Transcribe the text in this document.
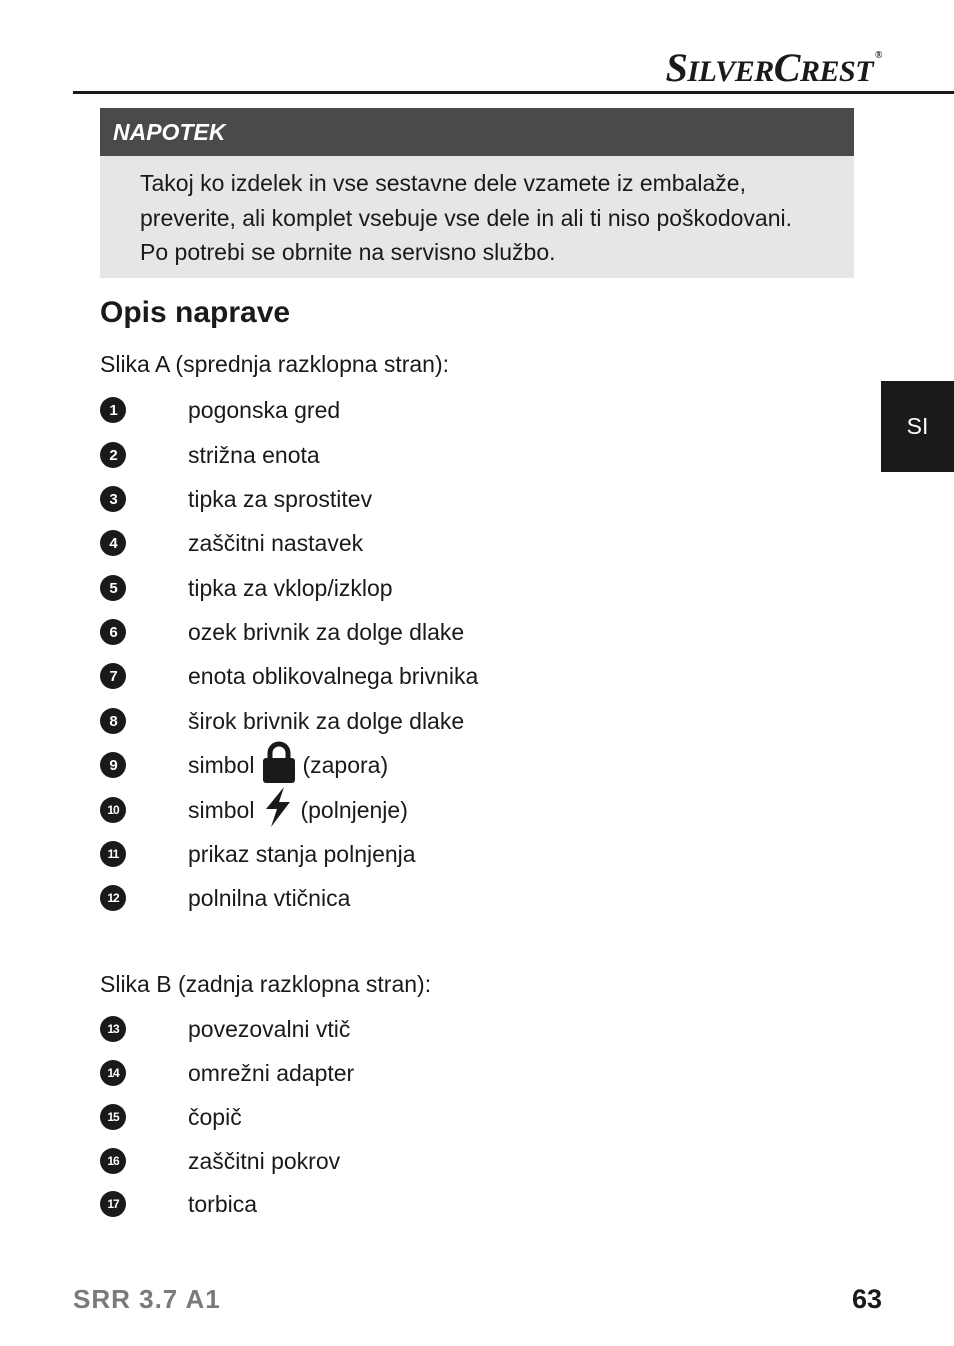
SILVERCREST ®
NAPOTEK
Takoj ko izdelek in vse sestavne dele vzamete iz embalaže,
preverite, ali komplet vsebuje vse dele in ali ti niso poškodovani.
Po potrebi se obrnite na servisno službo.
Opis naprave
Slika A (sprednja razklopna stran):
1	pogonska gred
2	strižna enota
3	tipka za sprostitev
4	zaščitni nastavek
5	tipka za vklop/izklop
6	ozek brivnik za dolge dlake
7	enota oblikovalnega brivnika
8	širok brivnik za dolge dlake
9	simbol (zapora)
10	simbol (polnjenje)
11	prikaz stanja polnjenja
12	polnilna vtičnica
Slika B (zadnja razklopna stran):
13	povezovalni vtič
14	omrežni adapter
15	čopič
16	zaščitni pokrov
17	torbica
SI
SRR 3.7 A1	63
